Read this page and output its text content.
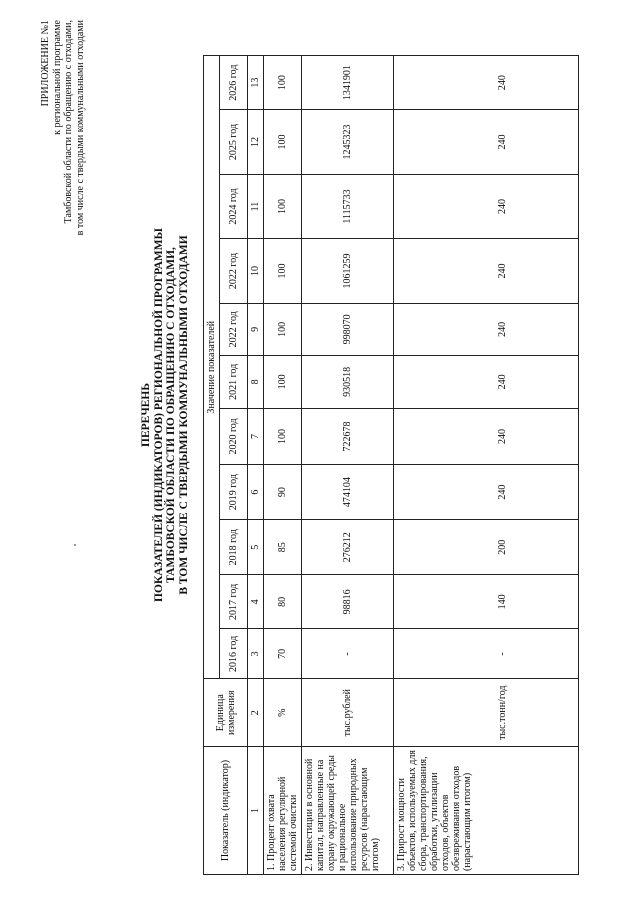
ПРИЛОЖЕНИЕ №1 к региональной программе Тамбовской области по обращению с отходами, в том числе с твердыми коммунальными отходами
ПЕРЕЧЕНЬ ПОКАЗАТЕЛЕЙ (ИНДИКАТОРОВ) РЕГИОНАЛЬНОЙ ПРОГРАММЫ ТАМБОВСКОЙ ОБЛАСТИ ПО ОБРАЩЕНИЮ С ОТХОДАМИ, В ТОМ ЧИСЛЕ С ТВЕРДЫМИ КОММУНАЛЬНЫМИ ОТХОДАМИ
Показатель (индикатор)	Единица измерения	Значение показателей										
		2016 год	2017 год	2018 год	2019 год	2020 год	2021 год	2022 год	2022 год	2024 год	2025 год	2026 год
1	2	3	4	5	6	7	8	9	10	11	12	13
1. Процент охвата населения регулярной системой очистки	%	70	80	85	90	100	100	100	100	100	100	100
2. Инвестиции в основной капитал, направленные на охрану окружающей среды и рациональное использование природных ресурсов (нарастающим итогом)	тыс.рублей	-	98816	276212	474104	722678	930518	998070	1061259	1115733	1245323	1341901
3. Прирост мощности объектов, используемых для сбора, транспортирования, обработки, утилизации отходов, объектов обезвреживания отходов (нарастающим итогом)	тыс.тонн/год	-	140	200	240	240	240	240	240	240	240	240
